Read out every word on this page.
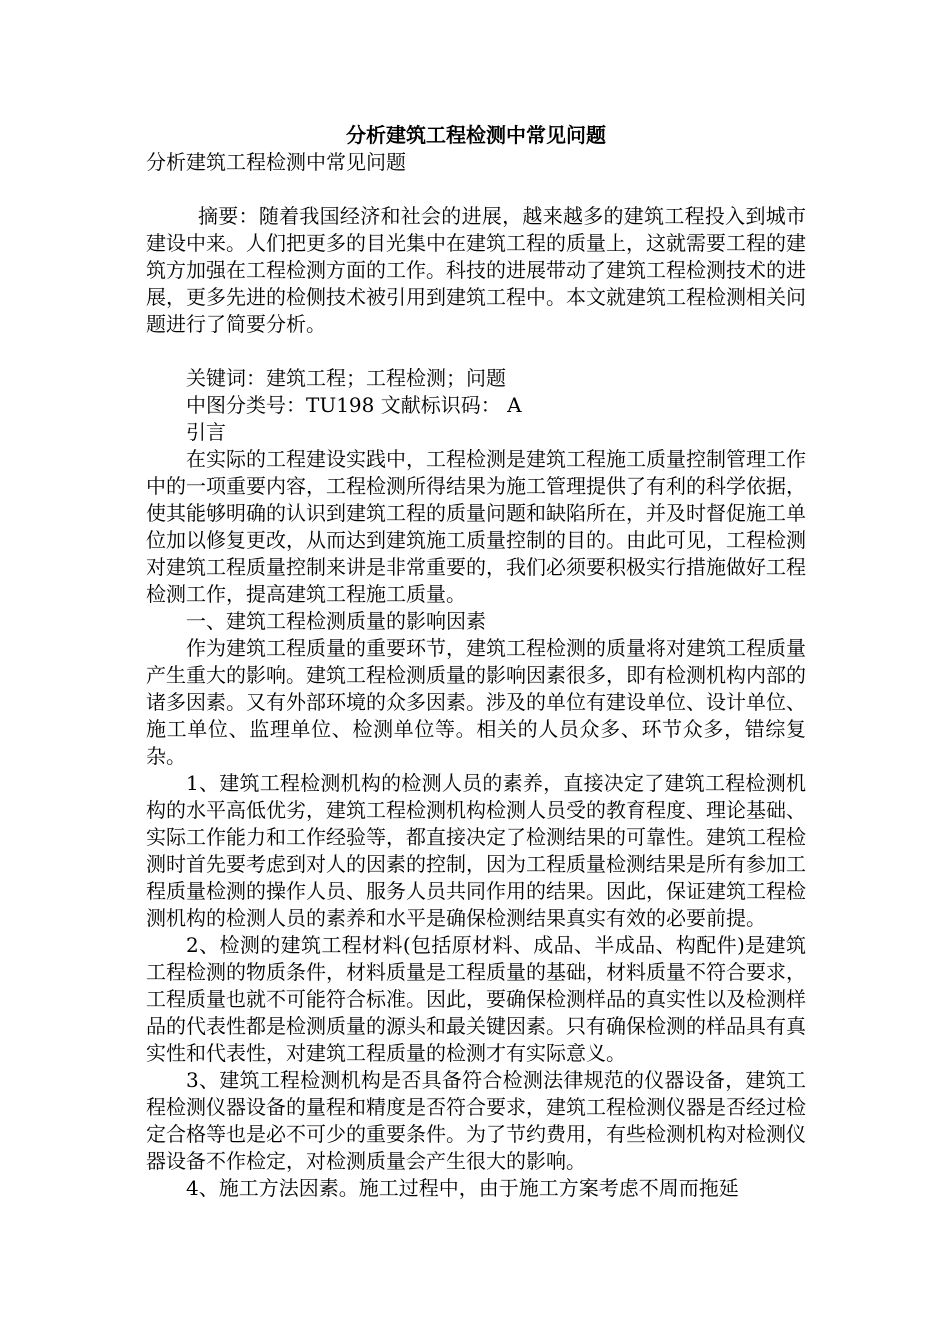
分析建筑工程检测中常见问题
分析建筑工程检测中常见问题

摘要：随着我国经济和社会的进展，越来越多的建筑工程投入到城市建设中来。人们把更多的目光集中在建筑工程的质量上，这就需要工程的建筑方加强在工程检测方面的工作。科技的进展带动了建筑工程检测技术的进展，更多先进的检侧技术被引用到建筑工程中。本文就建筑工程检测相关问题进行了简要分析。

关键词：建筑工程；工程检测；问题

中图分类号：TU198 文献标识码： A

引言

在实际的工程建设实践中，工程检测是建筑工程施工质量控制管理工作中的一项重要内容，工程检测所得结果为施工管理提供了有利的科学依据，使其能够明确的认识到建筑工程的质量问题和缺陷所在，并及时督促施工单位加以修复更改，从而达到建筑施工质量控制的目的。由此可见，工程检测对建筑工程质量控制来讲是非常重要的，我们必须要积极实行措施做好工程检测工作，提高建筑工程施工质量。

一、建筑工程检测质量的影响因素

作为建筑工程质量的重要环节，建筑工程检测的质量将对建筑工程质量产生重大的影响。建筑工程检测质量的影响因素很多，即有检测机构内部的诸多因素。又有外部环境的众多因素。涉及的单位有建设单位、设计单位、施工单位、监理单位、检测单位等。相关的人员众多、环节众多，错综复杂。

1、建筑工程检测机构的检测人员的素养，直接决定了建筑工程检测机构的水平高低优劣，建筑工程检测机构检测人员受的教育程度、理论基础、实际工作能力和工作经验等，都直接决定了检测结果的可靠性。建筑工程检测时首先要考虑到对人的因素的控制，因为工程质量检测结果是所有参加工程质量检测的操作人员、服务人员共同作用的结果。因此，保证建筑工程检测机构的检测人员的素养和水平是确保检测结果真实有效的必要前提。

2、检测的建筑工程材料(包括原材料、成品、半成品、构配件)是建筑工程检测的物质条件，材料质量是工程质量的基础，材料质量不符合要求，工程质量也就不可能符合标准。因此，要确保检测样品的真实性以及检测样品的代表性都是检测质量的源头和最关键因素。只有确保检测的样品具有真实性和代表性，对建筑工程质量的检测才有实际意义。

3、建筑工程检测机构是否具备符合检测法律规范的仪器设备，建筑工程检测仪器设备的量程和精度是否符合要求，建筑工程检测仪器是否经过检定合格等也是必不可少的重要条件。为了节约费用，有些检测机构对检测仪器设备不作检定，对检测质量会产生很大的影响。

4、施工方法因素。施工过程中，由于施工方案考虑不周而拖延
